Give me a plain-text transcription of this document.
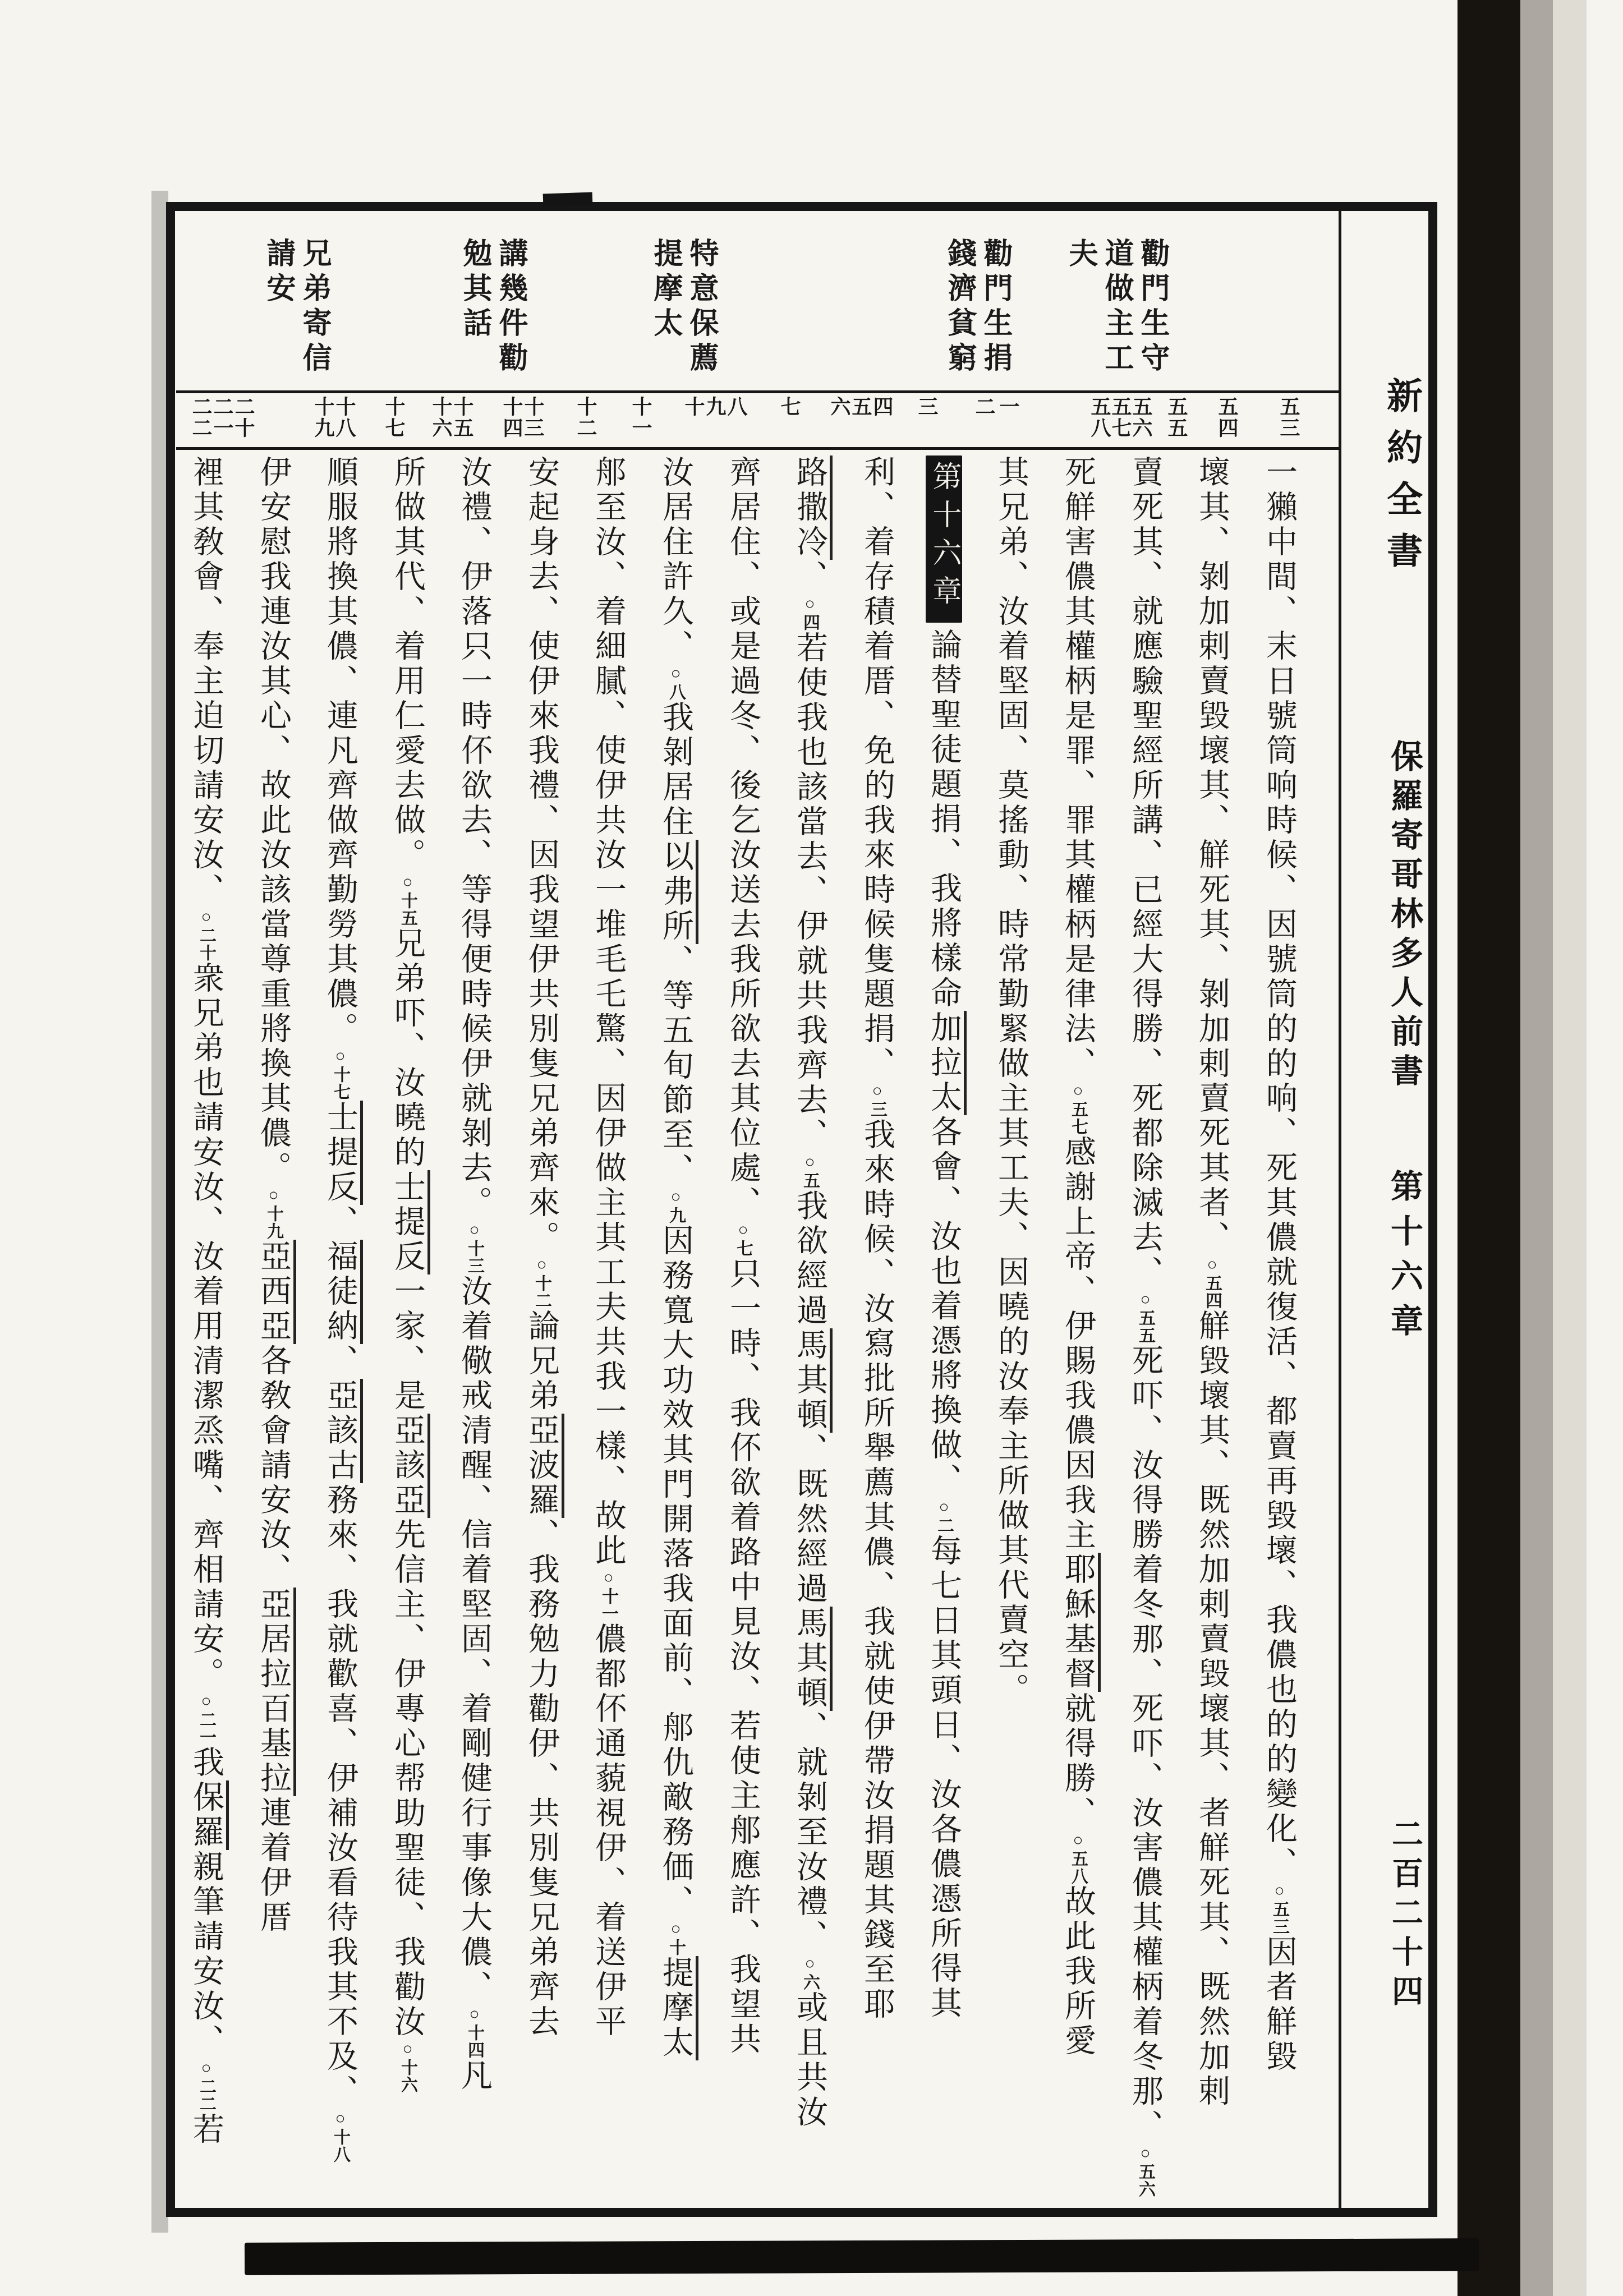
新約全書
保羅寄哥林多人前書
第十六章
二百二十四
勸門生守
道做主工
夫
勸門生捐
錢濟貧窮
特意保薦
提摩太
講幾件勸
勉其話
兄弟寄信
請安
五三
五四
五五
五六
五七
五八
一
二
三
四
五
六
七
八
九
十
十一
十二
十三
十四
十五
十六
十七
十八
十九
二十
二一
二二
一獺中間、末日號筒响時候、因號筒的的响、死其儂就復活、都賣再毀壞、我儂也的的變化、○五三因者觧毀
壞其、剝加剌賣毀壞其、觧死其、剝加剌賣死其者、○五四觧毀壞其、既然加剌賣毀壞其、者觧死其、既然加剌
賣死其、就應驗聖經所講、已經大得勝、死都除滅去、○五五死吓、汝得勝着冬那、死吓、汝害儂其權柄着冬那、○五六
死觧害儂其權柄是罪、罪其權柄是律法、○五七感謝上帝、伊賜我儂因我主耶穌基督就得勝、○五八故此我所愛
其兄弟、汝着堅固、莫搖動、時常勤緊做主其工夫、因曉的汝奉主所做其代賣空。
第十六章論替聖徒題捐、我將樣命加拉太各會、汝也着憑將換做、○二每七日其頭日、汝各儂憑所得其
利、着存積着厝、免的我來時候隻題捐、○三我來時候、汝寫批所舉薦其儂、我就使伊帶汝捐題其錢至耶
路撒冷、○四若使我也該當去、伊就共我齊去、○五我欲經過馬其頓、既然經過馬其頓、就剝至汝禮、○六或且共汝
齊居住、或是過冬、後乞汝送去我所欲去其位處、○七只一時、我伓欲着路中見汝、若使主郍應許、我望共
汝居住許久、○八我剝居住以弗所、等五旬節至、○九因務寬大功效其門開落我面前、郍仇敵務価、○十提摩太
郍至汝、着細膩、使伊共汝一堆毛乇驚、因伊做主其工夫共我一樣、故此○十一儂都伓通藐視伊、着送伊平
安起身去、使伊來我禮、因我望伊共別隻兄弟齊來。○十二論兄弟亞波羅、我務勉力勸伊、共別隻兄弟齊去
汝禮、伊落只一時伓欲去、等得便時候伊就剝去。○十三汝着儆戒清醒、信着堅固、着剛健行事像大儂、○十四凡
所做其代、着用仁愛去做。○十五兄弟吓、汝曉的士提反一家、是亞該亞先信主、伊專心帮助聖徒、我勸汝○十六
順服將換其儂、連凡齊做齊勤勞其儂。○十七士提反、福徒納、亞該古務來、我就歡喜、伊補汝看待我其不及、○十八
伊安慰我連汝其心、故此汝該當尊重將換其儂。○十九亞西亞各敎會請安汝、亞居拉百基拉連着伊厝
裡其敎會、奉主迫切請安汝、○二十衆兄弟也請安汝、汝着用清潔烝嘴、齊相請安。○二一我保羅親筆請安汝、○二二若
